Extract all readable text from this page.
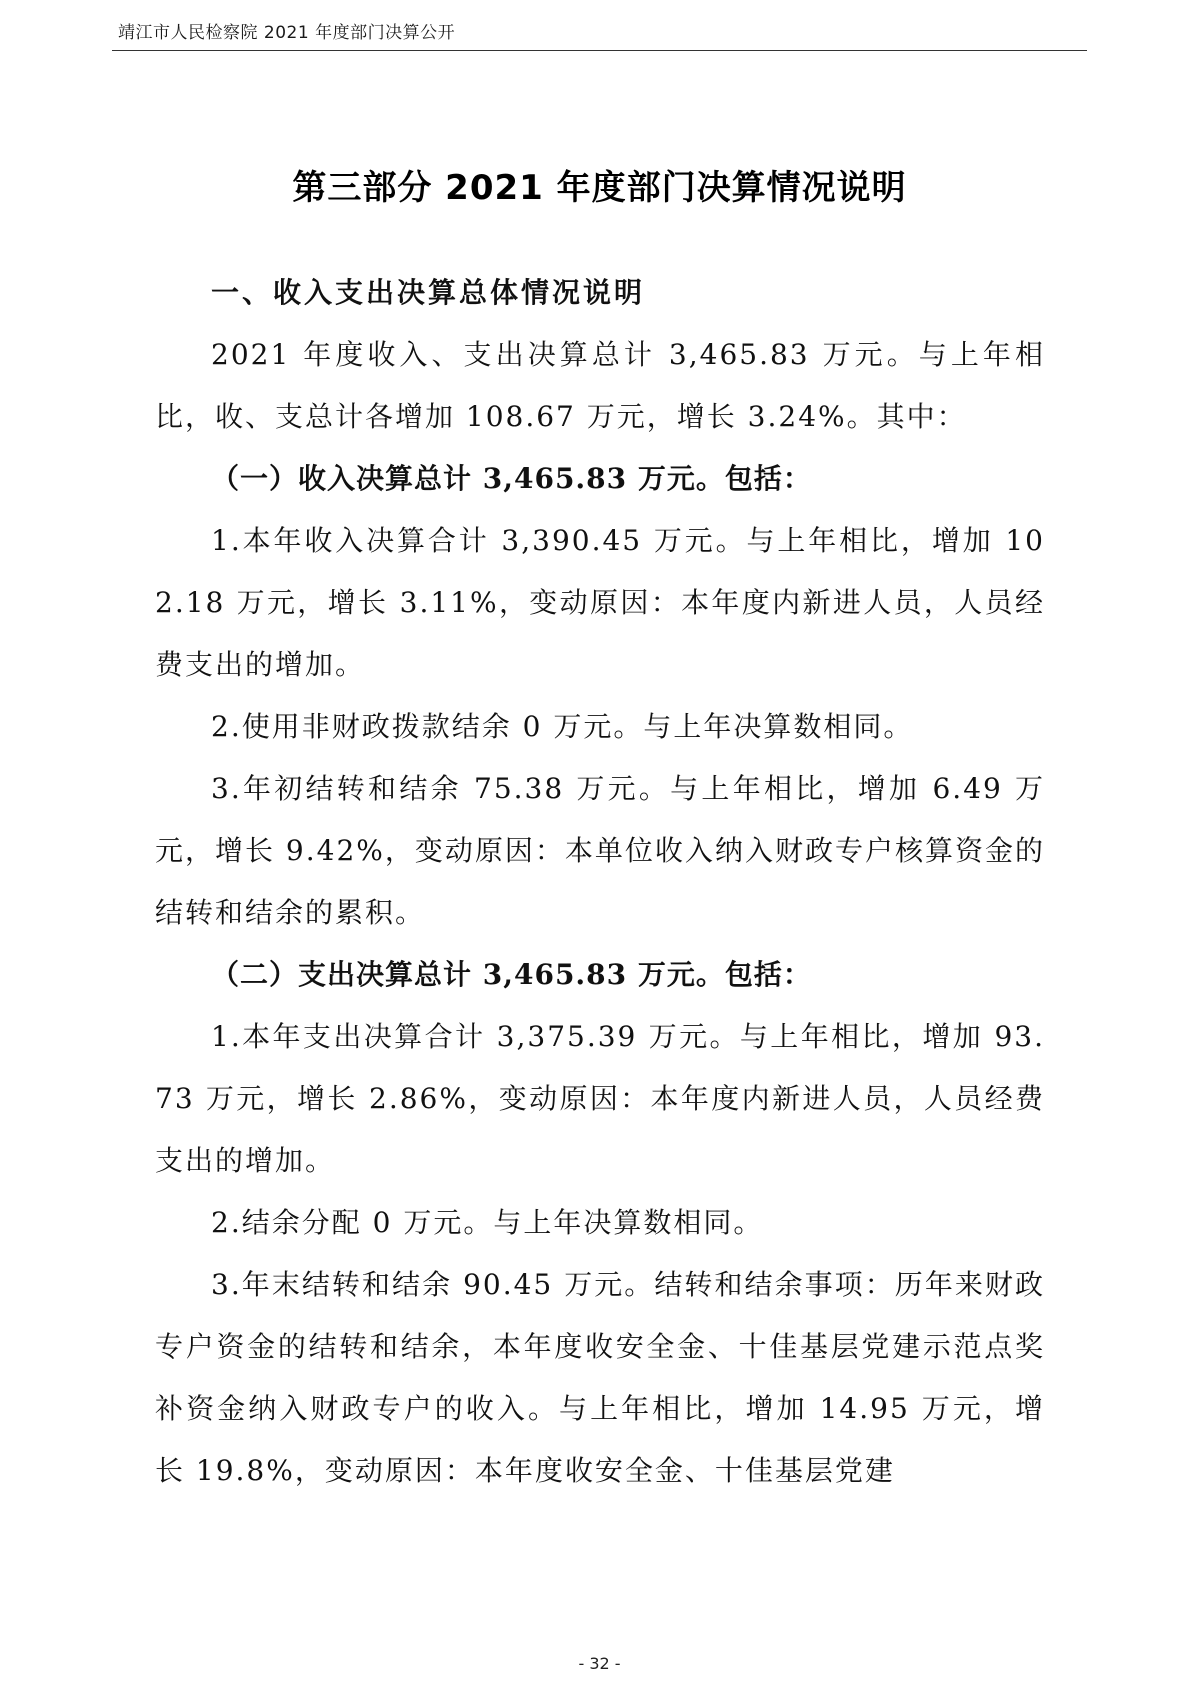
靖江市人民检察院 2021 年度部门决算公开
第三部分 2021 年度部门决算情况说明

一、收入支出决算总体情况说明

2021 年度收入、支出决算总计 3,465.83 万元。与上年相比，收、支总计各增加 108.67 万元，增长 3.24%。其中：

（一）收入决算总计 3,465.83 万元。包括：

1.本年收入决算合计 3,390.45 万元。与上年相比，增加 102.18 万元，增长 3.11%，变动原因：本年度内新进人员，人员经费支出的增加。

2.使用非财政拨款结余 0 万元。与上年决算数相同。

3.年初结转和结余 75.38 万元。与上年相比，增加 6.49 万元，增长 9.42%，变动原因：本单位收入纳入财政专户核算资金的结转和结余的累积。

（二）支出决算总计 3,465.83 万元。包括：

1.本年支出决算合计 3,375.39 万元。与上年相比，增加 93.73 万元，增长 2.86%，变动原因：本年度内新进人员，人员经费支出的增加。

2.结余分配 0 万元。与上年决算数相同。

3.年末结转和结余 90.45 万元。结转和结余事项：历年来财政专户资金的结转和结余，本年度收安全金、十佳基层党建示范点奖补资金纳入财政专户的收入。与上年相比，增加 14.95 万元，增长 19.8%，变动原因：本年度收安全金、十佳基层党建

- 32 -
